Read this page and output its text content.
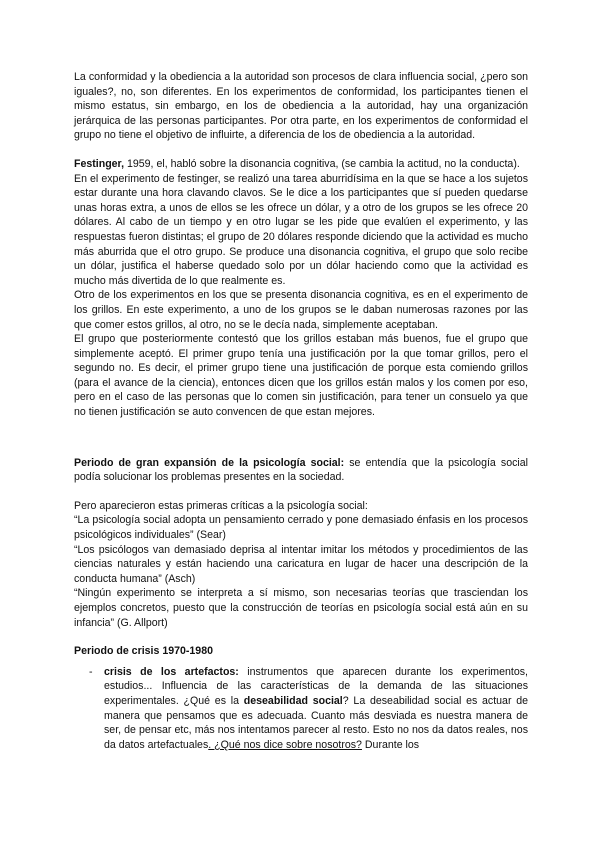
La conformidad y la obediencia a la autoridad son procesos de clara influencia social, ¿pero son iguales?, no, son diferentes. En los experimentos de conformidad, los participantes tienen el mismo estatus, sin embargo, en los de obediencia a la autoridad, hay una organización jerárquica de las personas participantes. Por otra parte, en los experimentos de conformidad el grupo no tiene el objetivo de influirte, a diferencia de los de obediencia a la autoridad.

Festinger, 1959, el, habló sobre la disonancia cognitiva, (se cambia la actitud, no la conducta).

En el experimento de festinger, se realizó una tarea aburridísima en la que se hace a los sujetos estar durante una hora clavando clavos. Se le dice a los participantes que sí pueden quedarse unas horas extra, a unos de ellos se les ofrece un dólar, y a otro de los grupos se les ofrece 20 dólares. Al cabo de un tiempo y en otro lugar se les pide que evalúen el experimento, y las respuestas fueron distintas; el grupo de 20 dólares responde diciendo que la actividad es mucho más aburrida que el otro grupo. Se produce una disonancia cognitiva, el grupo que solo recibe un dólar, justifica el haberse quedado solo por un dólar haciendo como que la actividad es mucho más divertida de lo que realmente es.

Otro de los experimentos en los que se presenta disonancia cognitiva, es en el experimento de los grillos. En este experimento, a uno de los grupos se le daban numerosas razones por las que comer estos grillos, al otro, no se le decía nada, simplemente aceptaban.

El grupo que posteriormente contestó que los grillos estaban más buenos, fue el grupo que simplemente aceptó. El primer grupo tenía una justificación por la que tomar grillos, pero el segundo no. Es decir, el primer grupo tiene una justificación de porque esta comiendo grillos (para el avance de la ciencia), entonces dicen que los grillos están malos y los comen por eso, pero en el caso de las personas que lo comen sin justificación, para tener un consuelo ya que no tienen justificación se auto convencen de que estan mejores.

Periodo de gran expansión de la psicología social: se entendía que la psicología social podía solucionar los problemas presentes en la sociedad.

Pero aparecieron estas primeras críticas a la psicología social:

“La psicología social adopta un pensamiento cerrado y pone demasiado énfasis en los procesos psicológicos individuales” (Sear)

“Los psicólogos van demasiado deprisa al intentar imitar los métodos y procedimientos de las ciencias naturales y están haciendo una caricatura en lugar de hacer una descripción de la conducta humana” (Asch)

“Ningún experimento se interpreta a sí mismo, son necesarias teorías que trasciendan los ejemplos concretos, puesto que la construcción de teorías en psicología social está aún en su infancia” (G. Allport)

Periodo de crisis 1970-1980

- crisis de los artefactos: instrumentos que aparecen durante los experimentos, estudios... Influencia de las características de la demanda de las situaciones experimentales. ¿Qué es la deseabilidad social? La deseabilidad social es actuar de manera que pensamos que es adecuada. Cuanto más desviada es nuestra manera de ser, de pensar etc, más nos intentamos parecer al resto. Esto no nos da datos reales, nos da datos artefactuales. ¿Qué nos dice sobre nosotros? Durante los
